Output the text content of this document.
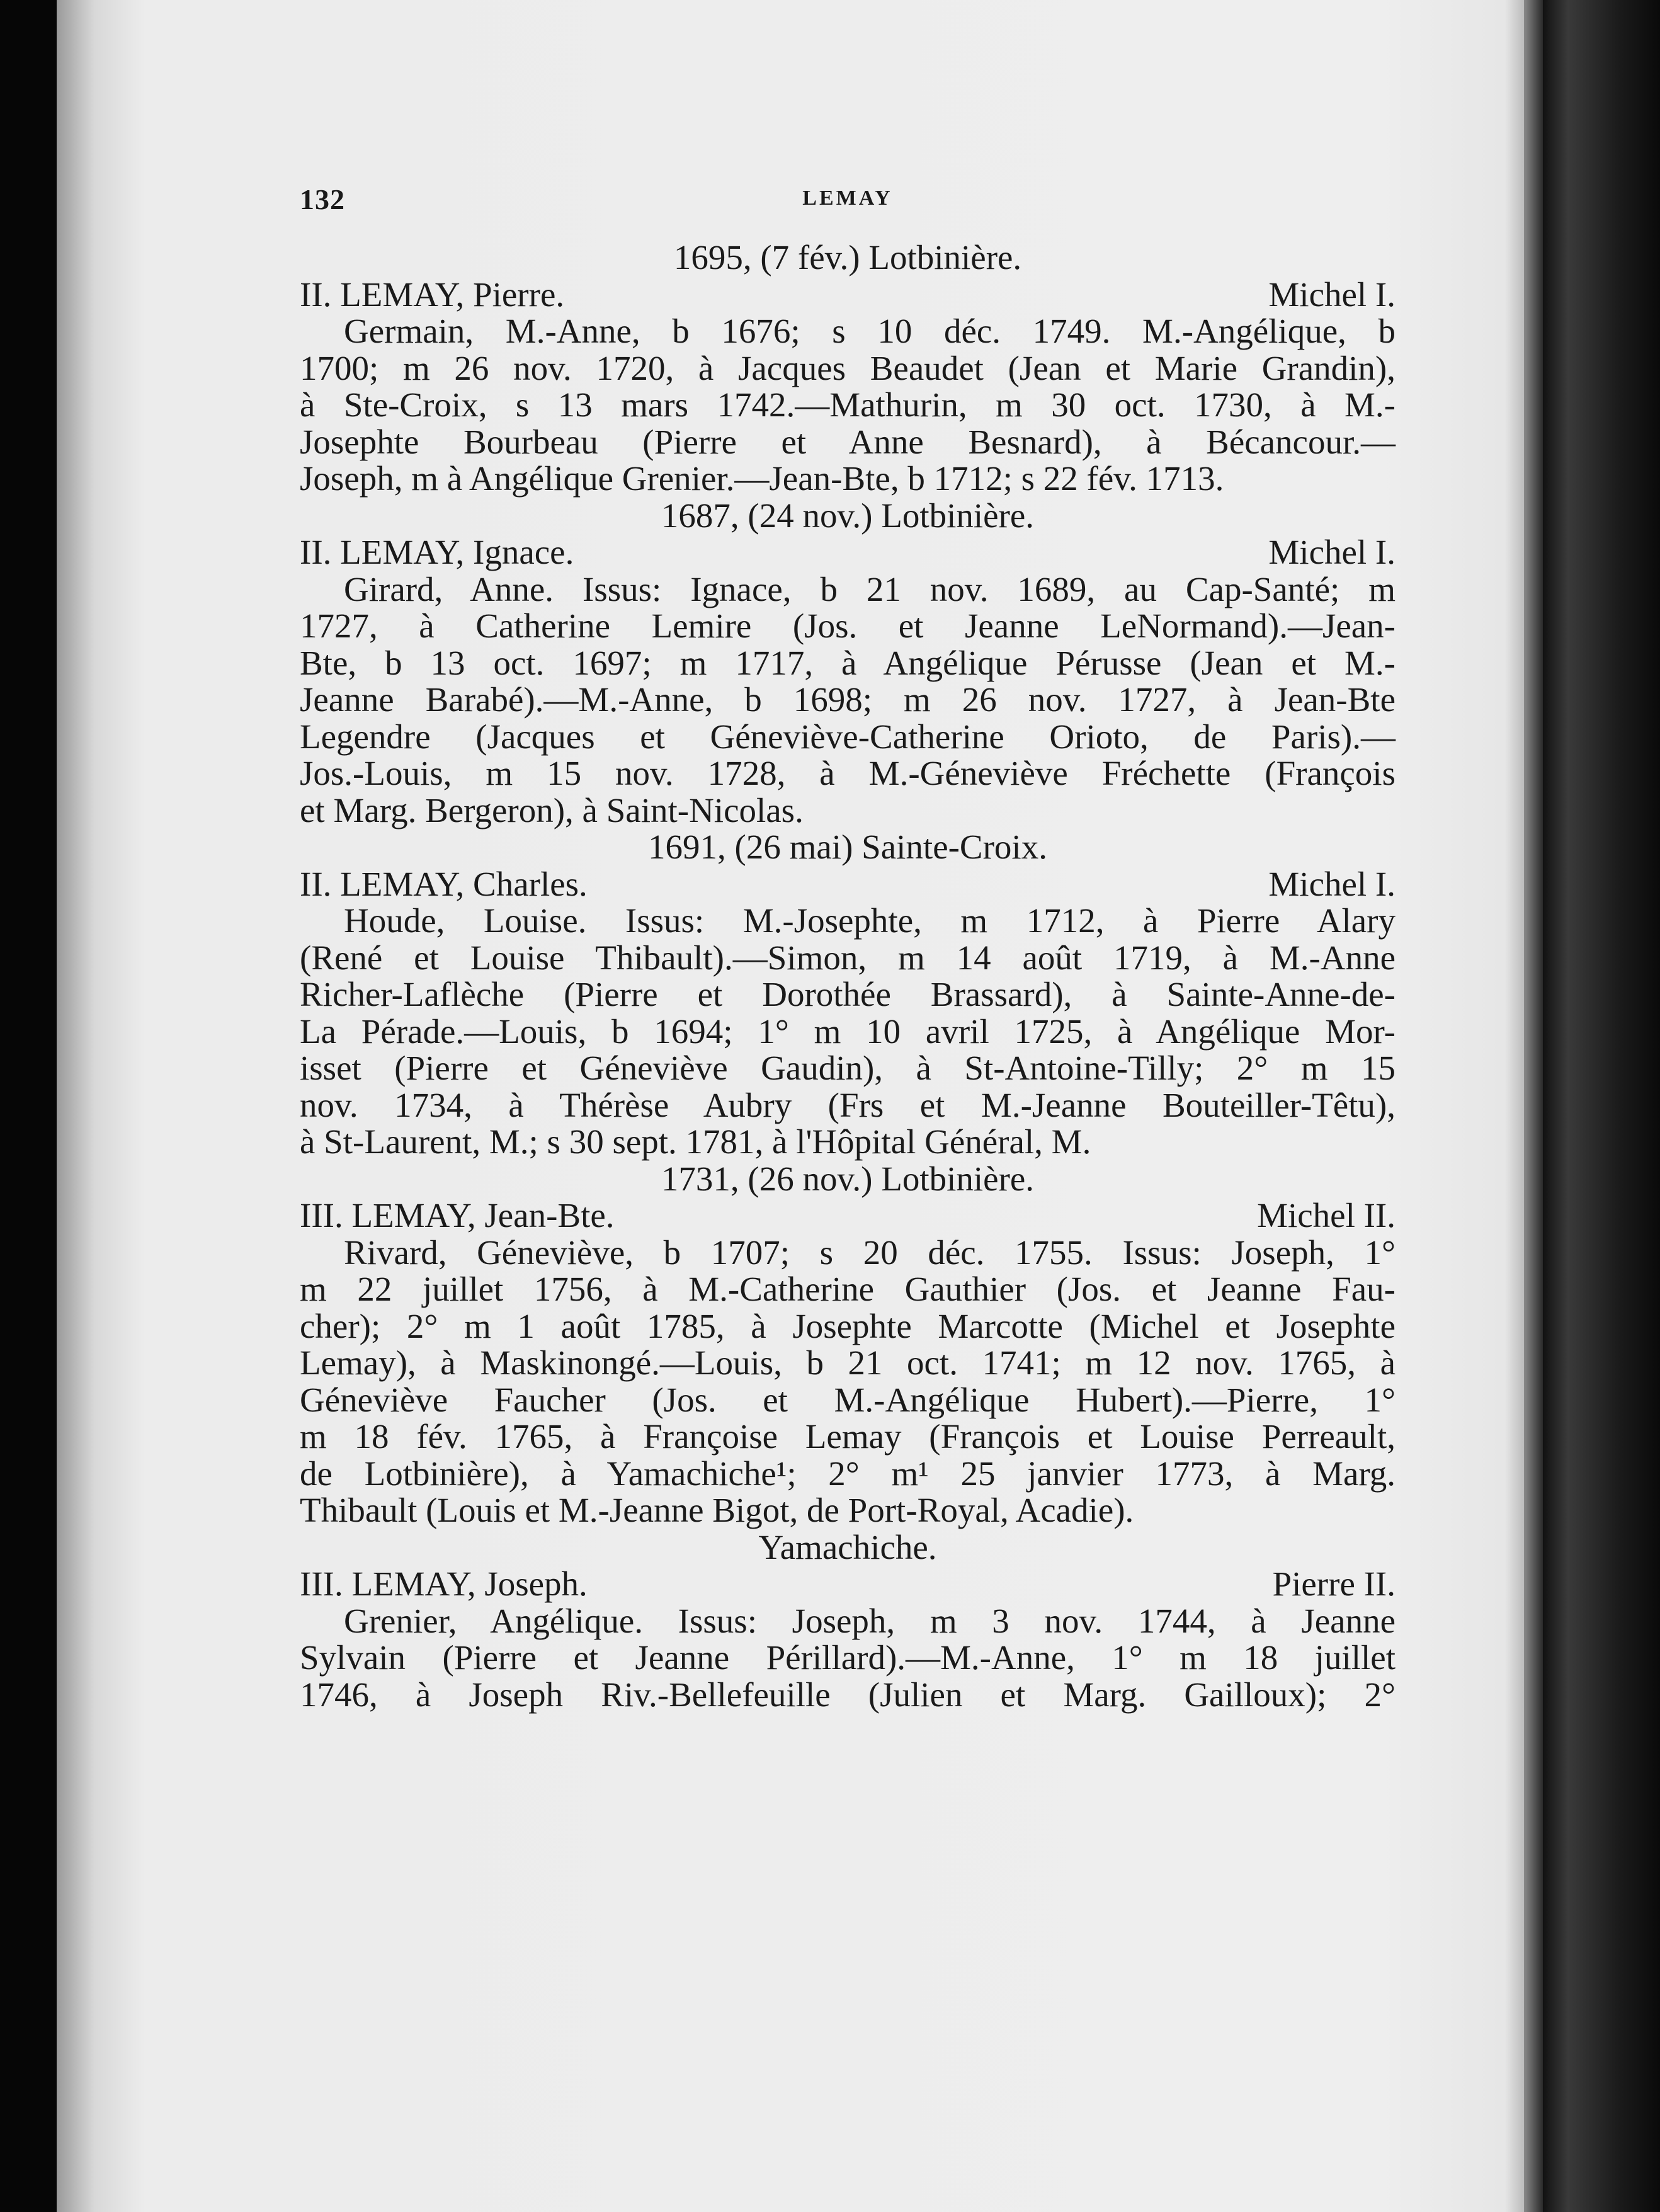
132	LEMAY
1695, (7 fév.) Lotbinière.
II. LEMAY, Pierre.	Michel I.
Germain, M.-Anne, b 1676; s 10 déc. 1749. M.-Angélique, b
1700; m 26 nov. 1720, à Jacques Beaudet (Jean et Marie Grandin),
à Ste-Croix, s 13 mars 1742.—Mathurin, m 30 oct. 1730, à M.-
Josephte Bourbeau (Pierre et Anne Besnard), à Bécancour.—
Joseph, m à Angélique Grenier.—Jean-Bte, b 1712; s 22 fév. 1713.
1687, (24 nov.) Lotbinière.
II. LEMAY, Ignace.	Michel I.
Girard, Anne. Issus: Ignace, b 21 nov. 1689, au Cap-Santé; m
1727, à Catherine Lemire (Jos. et Jeanne LeNormand).—Jean-
Bte, b 13 oct. 1697; m 1717, à Angélique Pérusse (Jean et M.-
Jeanne Barabé).—M.-Anne, b 1698; m 26 nov. 1727, à Jean-Bte
Legendre (Jacques et Géneviève-Catherine Orioto, de Paris).—
Jos.-Louis, m 15 nov. 1728, à M.-Géneviève Fréchette (François
et Marg. Bergeron), à Saint-Nicolas.
1691, (26 mai) Sainte-Croix.
II. LEMAY, Charles.	Michel I.
Houde, Louise. Issus: M.-Josephte, m 1712, à Pierre Alary
(René et Louise Thibault).—Simon, m 14 août 1719, à M.-Anne
Richer-Laflèche (Pierre et Dorothée Brassard), à Sainte-Anne-de-
La Pérade.—Louis, b 1694; 1° m 10 avril 1725, à Angélique Mor-
isset (Pierre et Géneviève Gaudin), à St-Antoine-Tilly; 2° m 15
nov. 1734, à Thérèse Aubry (Frs et M.-Jeanne Bouteiller-Têtu),
à St-Laurent, M.; s 30 sept. 1781, à l'Hôpital Général, M.
1731, (26 nov.) Lotbinière.
III. LEMAY, Jean-Bte.	Michel II.
Rivard, Géneviève, b 1707; s 20 déc. 1755. Issus: Joseph, 1°
m 22 juillet 1756, à M.-Catherine Gauthier (Jos. et Jeanne Fau-
cher); 2° m 1 août 1785, à Josephte Marcotte (Michel et Josephte
Lemay), à Maskinongé.—Louis, b 21 oct. 1741; m 12 nov. 1765, à
Géneviève Faucher (Jos. et M.-Angélique Hubert).—Pierre, 1°
m 18 fév. 1765, à Françoise Lemay (François et Louise Perreault,
de Lotbinière), à Yamachiche¹; 2° m¹ 25 janvier 1773, à Marg.
Thibault (Louis et M.-Jeanne Bigot, de Port-Royal, Acadie).
Yamachiche.
III. LEMAY, Joseph.	Pierre II.
Grenier, Angélique. Issus: Joseph, m 3 nov. 1744, à Jeanne
Sylvain (Pierre et Jeanne Périllard).—M.-Anne, 1° m 18 juillet
1746, à Joseph Riv.-Bellefeuille (Julien et Marg. Gailloux); 2°
